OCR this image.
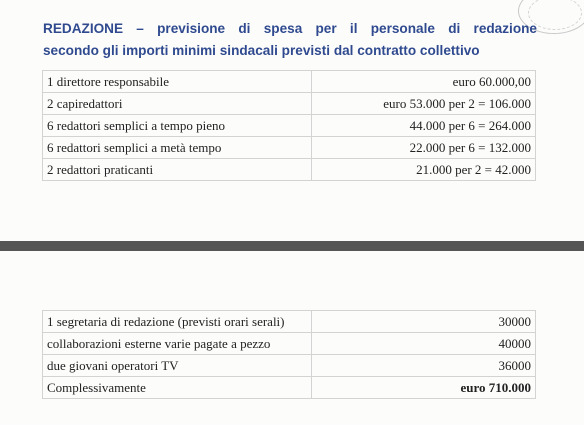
REDAZIONE – previsione di spesa per il personale di redazione
secondo gli importi minimi sindacali previsti dal contratto collettivo
1 direttore responsabile	euro 60.000,00
2 capiredattori	euro 53.000 per 2 = 106.000
6 redattori semplici a tempo pieno	44.000 per 6 = 264.000
6 redattori semplici a metà tempo	22.000 per 6 = 132.000
2 redattori praticanti	21.000 per 2 = 42.000
1 segretaria di redazione (previsti orari serali)	30000
collaborazioni esterne varie pagate a pezzo	40000
due giovani operatori TV	36000
Complessivamente	euro 710.000
